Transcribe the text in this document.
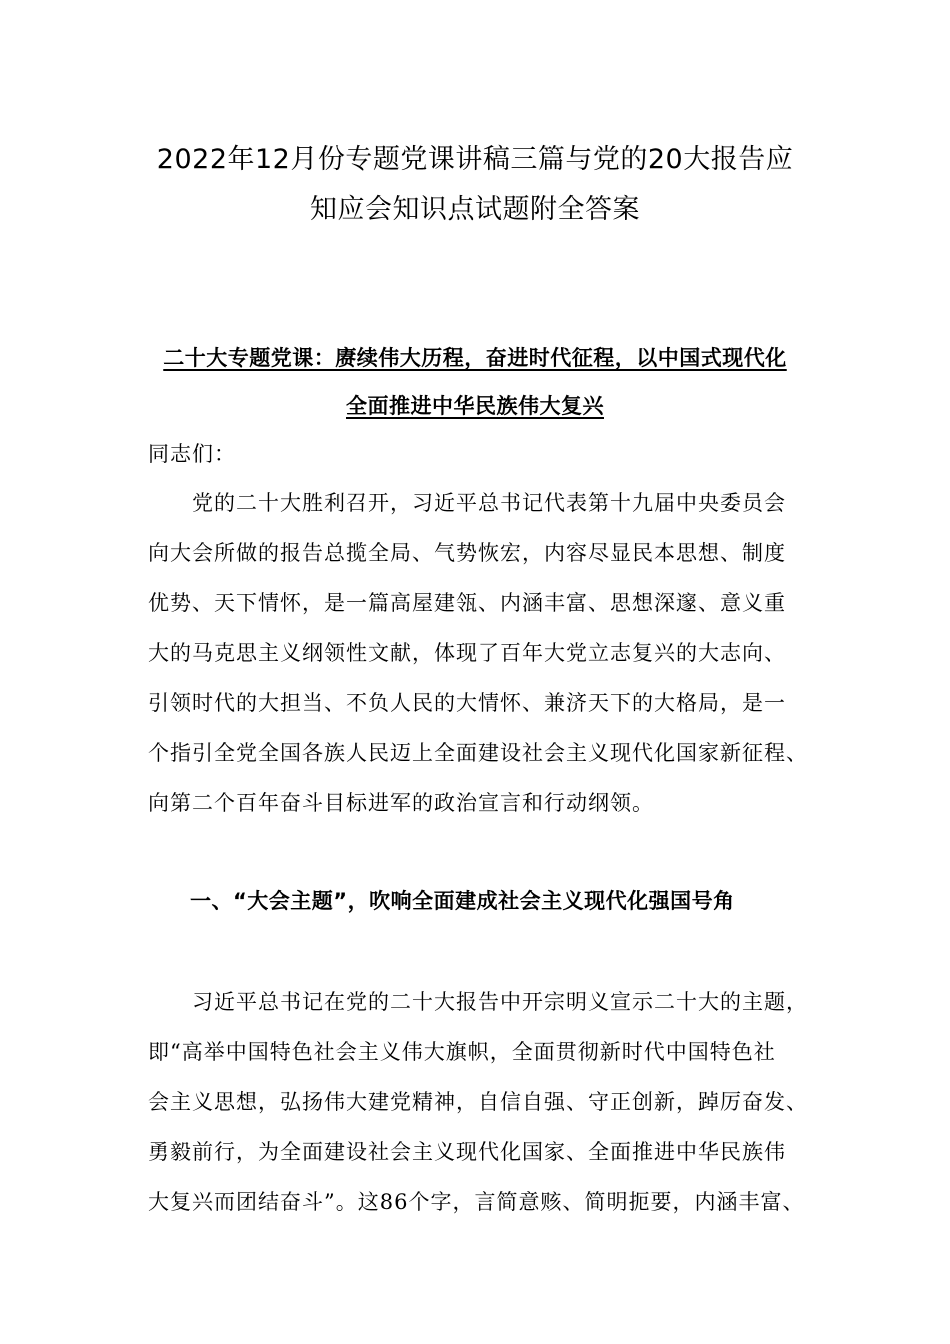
2022年12月份专题党课讲稿三篇与党的20大报告应
知应会知识点试题附全答案
二十大专题党课：赓续伟大历程，奋进时代征程，以中国式现代化
全面推进中华民族伟大复兴
同志们：
　　党的二十大胜利召开，习近平总书记代表第十九届中央委员会
向大会所做的报告总揽全局、气势恢宏，内容尽显民本思想、制度
优势、天下情怀，是一篇高屋建瓴、内涵丰富、思想深邃、意义重
大的马克思主义纲领性文献，体现了百年大党立志复兴的大志向、
引领时代的大担当、不负人民的大情怀、兼济天下的大格局，是一
个指引全党全国各族人民迈上全面建设社会主义现代化国家新征程、
向第二个百年奋斗目标进军的政治宣言和行动纲领。
一、“大会主题”，吹响全面建成社会主义现代化强国号角
　　习近平总书记在党的二十大报告中开宗明义宣示二十大的主题，
即“高举中国特色社会主义伟大旗帜，全面贯彻新时代中国特色社
会主义思想，弘扬伟大建党精神，自信自强、守正创新，踔厉奋发、
勇毅前行，为全面建设社会主义现代化国家、全面推进中华民族伟
大复兴而团结奋斗”。这86个字，言简意赅、简明扼要，内涵丰富、
